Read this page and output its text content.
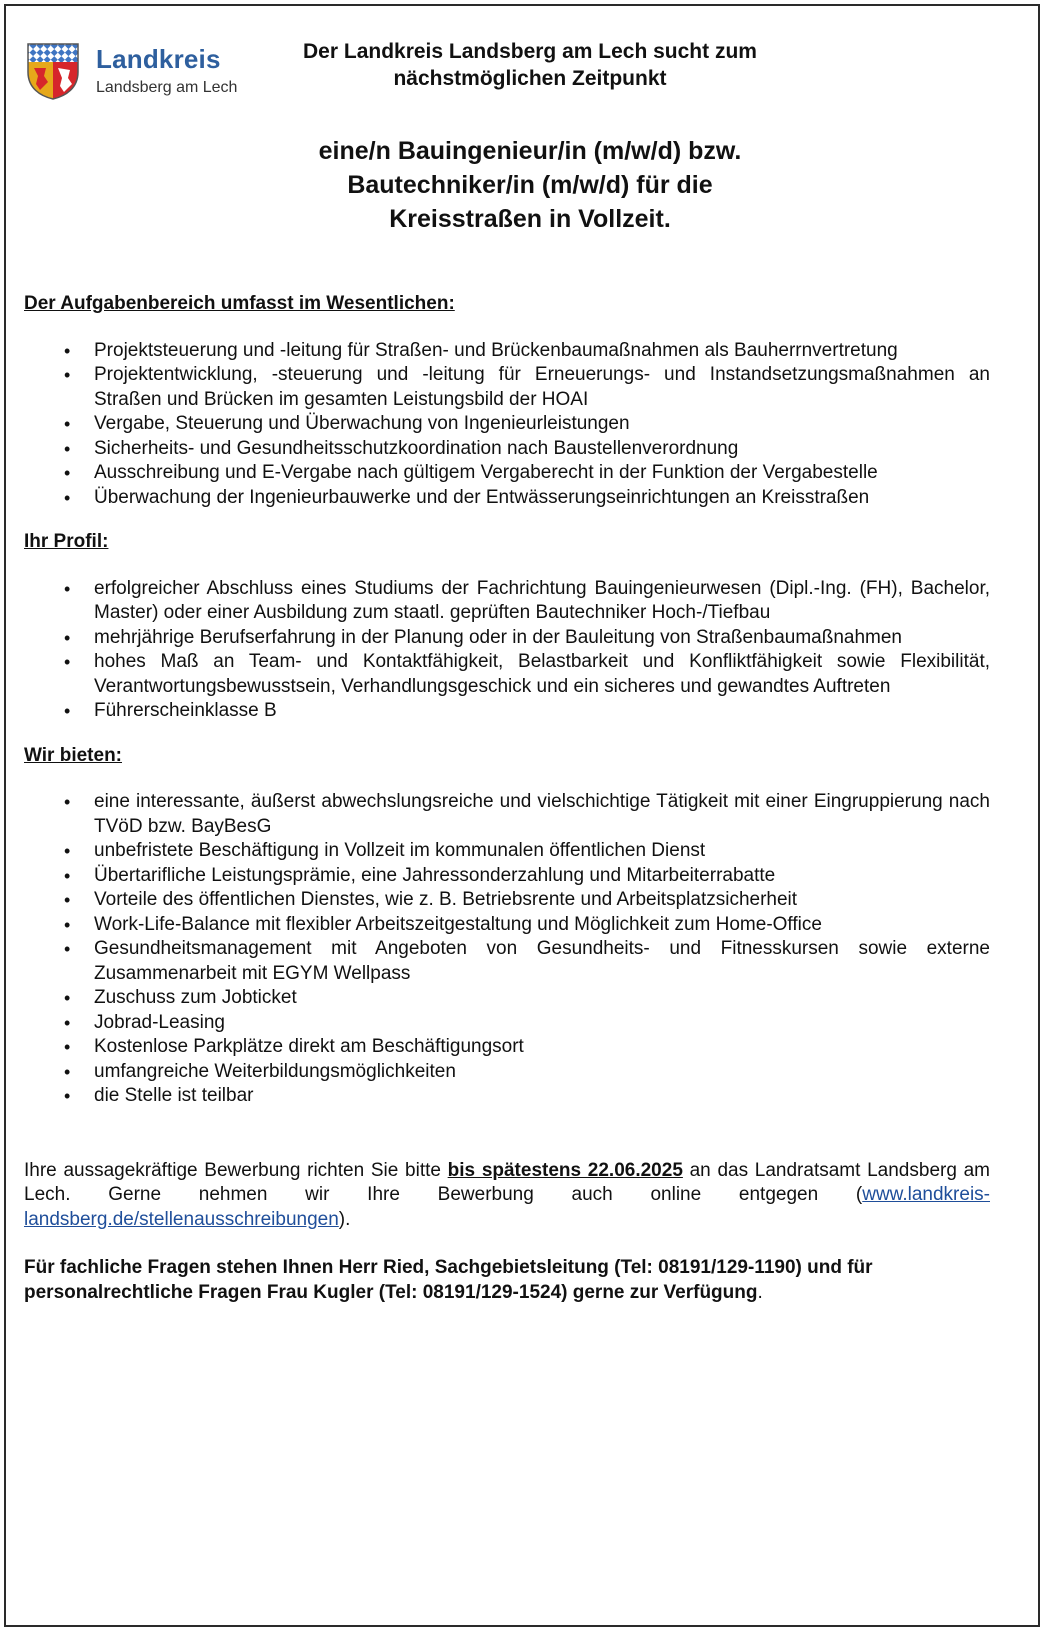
Landkreis
Landsberg am Lech
Der Landkreis Landsberg am Lech sucht zum nächstmöglichen Zeitpunkt
eine/n Bauingenieur/in (m/w/d) bzw.
Bautechniker/in (m/w/d) für die
Kreisstraßen in Vollzeit.
Der Aufgabenbereich umfasst im Wesentlichen:
• Projektsteuerung und -leitung für Straßen- und Brückenbaumaßnahmen als Bauherrnvertretung
• Projektentwicklung, -steuerung und -leitung für Erneuerungs- und Instandsetzungsmaßnahmen an Straßen und Brücken im gesamten Leistungsbild der HOAI
• Vergabe, Steuerung und Überwachung von Ingenieurleistungen
• Sicherheits- und Gesundheitsschutzkoordination nach Baustellenverordnung
• Ausschreibung und E-Vergabe nach gültigem Vergaberecht in der Funktion der Vergabestelle
• Überwachung der Ingenieurbauwerke und der Entwässerungseinrichtungen an Kreisstraßen
Ihr Profil:
• erfolgreicher Abschluss eines Studiums der Fachrichtung Bauingenieurwesen (Dipl.-Ing. (FH), Bachelor, Master) oder einer Ausbildung zum staatl. geprüften Bautechniker Hoch-/Tiefbau
• mehrjährige Berufserfahrung in der Planung oder in der Bauleitung von Straßenbaumaßnahmen
• hohes Maß an Team- und Kontaktfähigkeit, Belastbarkeit und Konfliktfähigkeit sowie Flexibilität, Verantwortungsbewusstsein, Verhandlungsgeschick und ein sicheres und gewandtes Auftreten
• Führerscheinklasse B
Wir bieten:
• eine interessante, äußerst abwechslungsreiche und vielschichtige Tätigkeit mit einer Eingruppierung nach TVöD bzw. BayBesG
• unbefristete Beschäftigung in Vollzeit im kommunalen öffentlichen Dienst
• Übertarifliche Leistungsprämie, eine Jahressonderzahlung und Mitarbeiterrabatte
• Vorteile des öffentlichen Dienstes, wie z. B. Betriebsrente und Arbeitsplatzsicherheit
• Work-Life-Balance mit flexibler Arbeitszeitgestaltung und Möglichkeit zum Home-Office
• Gesundheitsmanagement mit Angeboten von Gesundheits- und Fitnesskursen sowie externe Zusammenarbeit mit EGYM Wellpass
• Zuschuss zum Jobticket
• Jobrad-Leasing
• Kostenlose Parkplätze direkt am Beschäftigungsort
• umfangreiche Weiterbildungsmöglichkeiten
• die Stelle ist teilbar

Ihre aussagekräftige Bewerbung richten Sie bitte bis spätestens 22.06.2025 an das Landratsamt Landsberg am Lech. Gerne nehmen wir Ihre Bewerbung auch online entgegen (www.landkreis-landsberg.de/stellenausschreibungen).

Für fachliche Fragen stehen Ihnen Herr Ried, Sachgebietsleitung (Tel: 08191/129-1190) und für personalrechtliche Fragen Frau Kugler (Tel: 08191/129-1524) gerne zur Verfügung.
